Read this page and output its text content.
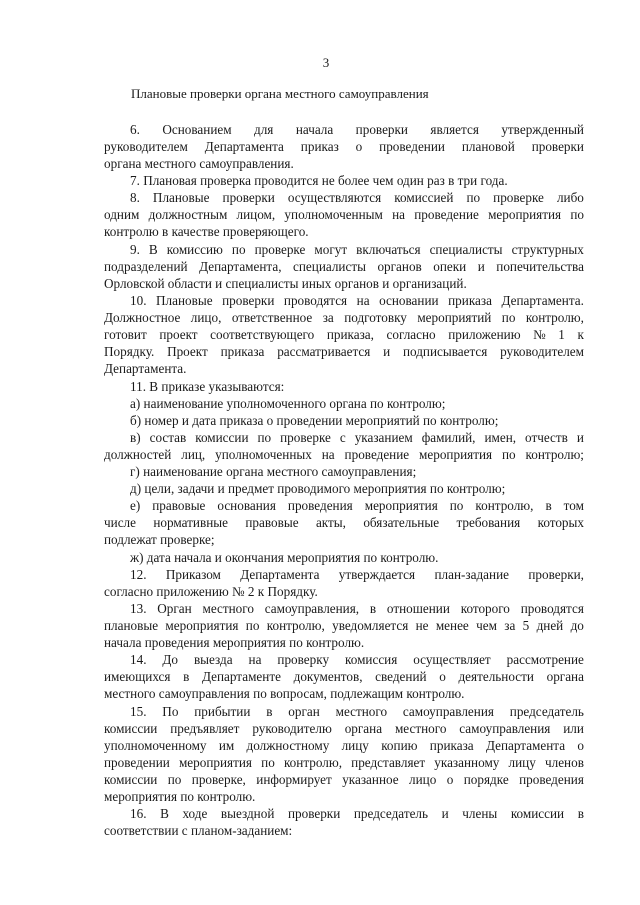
3
Плановые проверки органа местного самоуправления
6. Основанием для начала проверки является утвержденный
руководителем Департамента приказ о проведении плановой проверки
органа местного самоуправления.
7. Плановая проверка проводится не более чем один раз в три года.
8. Плановые проверки осуществляются комиссией по проверке либо
одним должностным лицом, уполномоченным на проведение мероприятия по
контролю в качестве проверяющего.
9. В комиссию по проверке могут включаться специалисты структурных
подразделений Департамента, специалисты органов опеки и попечительства
Орловской области и специалисты иных органов и организаций.
10. Плановые проверки проводятся на основании приказа Департамента.
Должностное лицо, ответственное за подготовку мероприятий по контролю,
готовит проект соответствующего приказа, согласно приложению № 1 к
Порядку. Проект приказа рассматривается и подписывается руководителем
Департамента.
11. В приказе указываются:
а) наименование уполномоченного органа по контролю;
б) номер и дата приказа о проведении мероприятий по контролю;
в) состав комиссии по проверке с указанием фамилий, имен, отчеств и
должностей лиц, уполномоченных на проведение мероприятия по контролю;
г) наименование органа местного самоуправления;
д) цели, задачи и предмет проводимого мероприятия по контролю;
е) правовые основания проведения мероприятия по контролю, в том
числе нормативные правовые акты, обязательные требования которых
подлежат проверке;
ж) дата начала и окончания мероприятия по контролю.
12. Приказом Департамента утверждается план-задание проверки,
согласно приложению № 2 к Порядку.
13. Орган местного самоуправления, в отношении которого проводятся
плановые мероприятия по контролю, уведомляется не менее чем за 5 дней до
начала проведения мероприятия по контролю.
14. До выезда на проверку комиссия осуществляет рассмотрение
имеющихся в Департаменте документов, сведений о деятельности органа
местного самоуправления по вопросам, подлежащим контролю.
15. По прибытии в орган местного самоуправления председатель
комиссии предъявляет руководителю органа местного самоуправления или
уполномоченному им должностному лицу копию приказа Департамента о
проведении мероприятия по контролю, представляет указанному лицу членов
комиссии по проверке, информирует указанное лицо о порядке проведения
мероприятия по контролю.
16. В ходе выездной проверки председатель и члены комиссии в
соответствии с планом-заданием:
